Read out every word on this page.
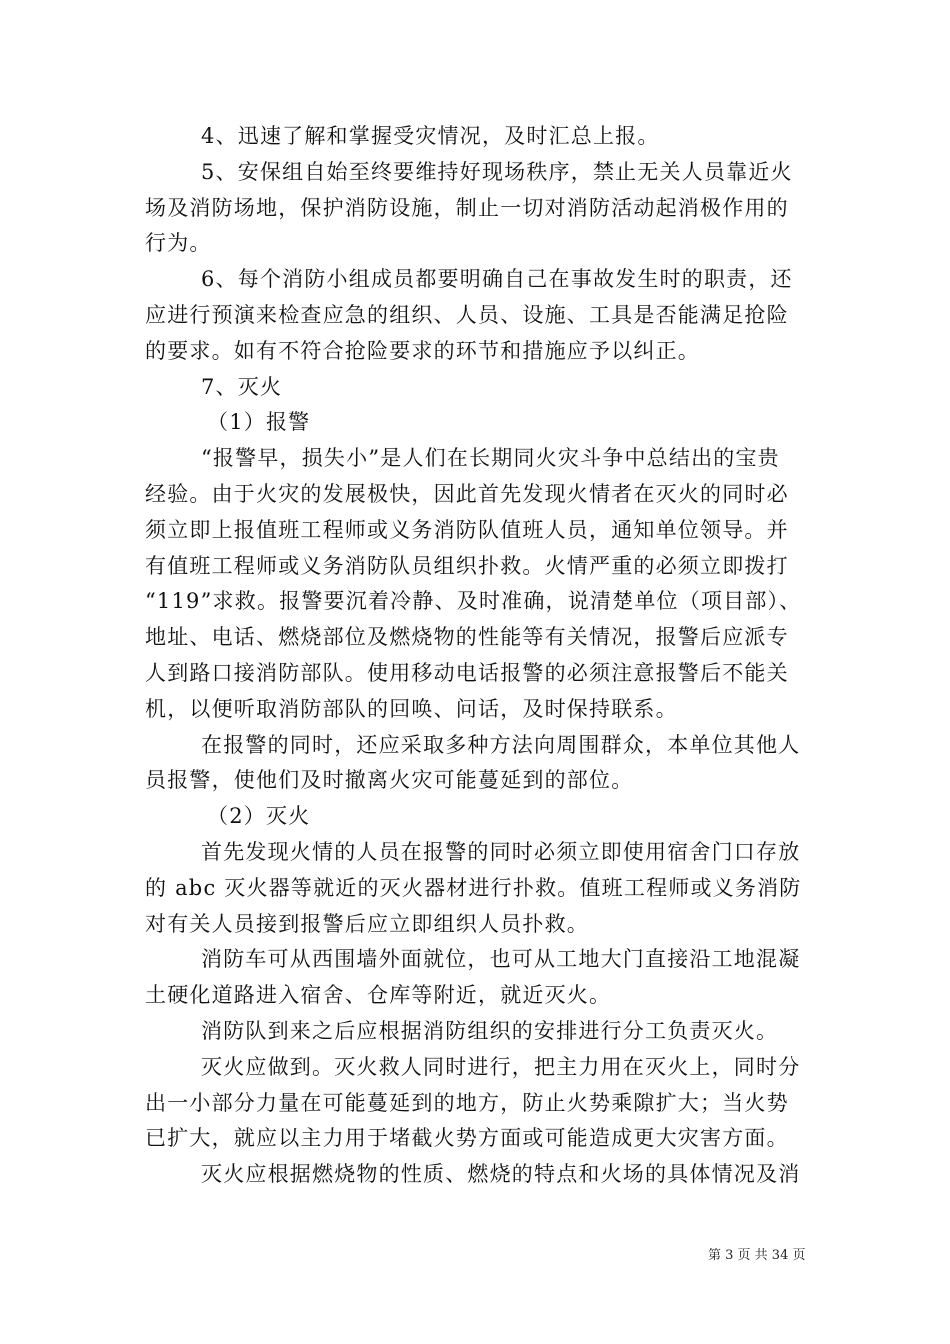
4、迅速了解和掌握受灾情况，及时汇总上报。
5、安保组自始至终要维持好现场秩序，禁止无关人员靠近火
场及消防场地，保护消防设施，制止一切对消防活动起消极作用的
行为。
6、每个消防小组成员都要明确自己在事故发生时的职责，还
应进行预演来检查应急的组织、人员、设施、工具是否能满足抢险
的要求。如有不符合抢险要求的环节和措施应予以纠正。
7、灭火
（1）报警
“报警早，损失小”是人们在长期同火灾斗争中总结出的宝贵
经验。由于火灾的发展极快，因此首先发现火情者在灭火的同时必
须立即上报值班工程师或义务消防队值班人员，通知单位领导。并
有值班工程师或义务消防队员组织扑救。火情严重的必须立即拨打
“119”求救。报警要沉着冷静、及时准确，说清楚单位（项目部）、
地址、电话、燃烧部位及燃烧物的性能等有关情况，报警后应派专
人到路口接消防部队。使用移动电话报警的必须注意报警后不能关
机，以便听取消防部队的回唤、问话，及时保持联系。
在报警的同时，还应采取多种方法向周围群众，本单位其他人
员报警，使他们及时撤离火灾可能蔓延到的部位。
（2）灭火
首先发现火情的人员在报警的同时必须立即使用宿舍门口存放
的 abc 灭火器等就近的灭火器材进行扑救。值班工程师或义务消防
对有关人员接到报警后应立即组织人员扑救。
消防车可从西围墙外面就位，也可从工地大门直接沿工地混凝
土硬化道路进入宿舍、仓库等附近，就近灭火。
消防队到来之后应根据消防组织的安排进行分工负责灭火。
灭火应做到。灭火救人同时进行，把主力用在灭火上，同时分
出一小部分力量在可能蔓延到的地方，防止火势乘隙扩大；当火势
已扩大，就应以主力用于堵截火势方面或可能造成更大灾害方面。
灭火应根据燃烧物的性质、燃烧的特点和火场的具体情况及消
第 3 页 共 34 页
